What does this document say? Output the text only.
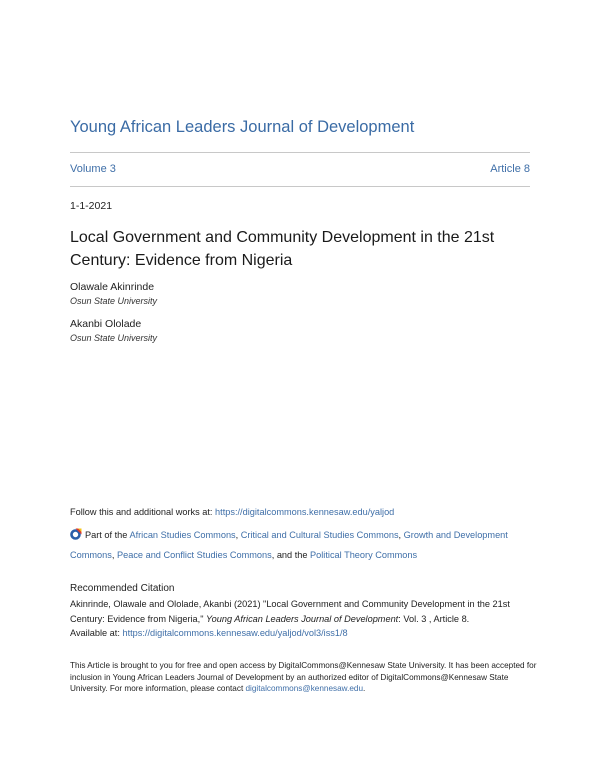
Young African Leaders Journal of Development
Volume 3	Article 8
1-1-2021
Local Government and Community Development in the 21st Century: Evidence from Nigeria
Olawale Akinrinde
Osun State University
Akanbi Ololade
Osun State University
Follow this and additional works at: https://digitalcommons.kennesaw.edu/yaljod
Part of the African Studies Commons, Critical and Cultural Studies Commons, Growth and Development Commons, Peace and Conflict Studies Commons, and the Political Theory Commons
Recommended Citation
Akinrinde, Olawale and Ololade, Akanbi (2021) "Local Government and Community Development in the 21st Century: Evidence from Nigeria," Young African Leaders Journal of Development: Vol. 3 , Article 8.
Available at: https://digitalcommons.kennesaw.edu/yaljod/vol3/iss1/8
This Article is brought to you for free and open access by DigitalCommons@Kennesaw State University. It has been accepted for inclusion in Young African Leaders Journal of Development by an authorized editor of DigitalCommons@Kennesaw State University. For more information, please contact digitalcommons@kennesaw.edu.
